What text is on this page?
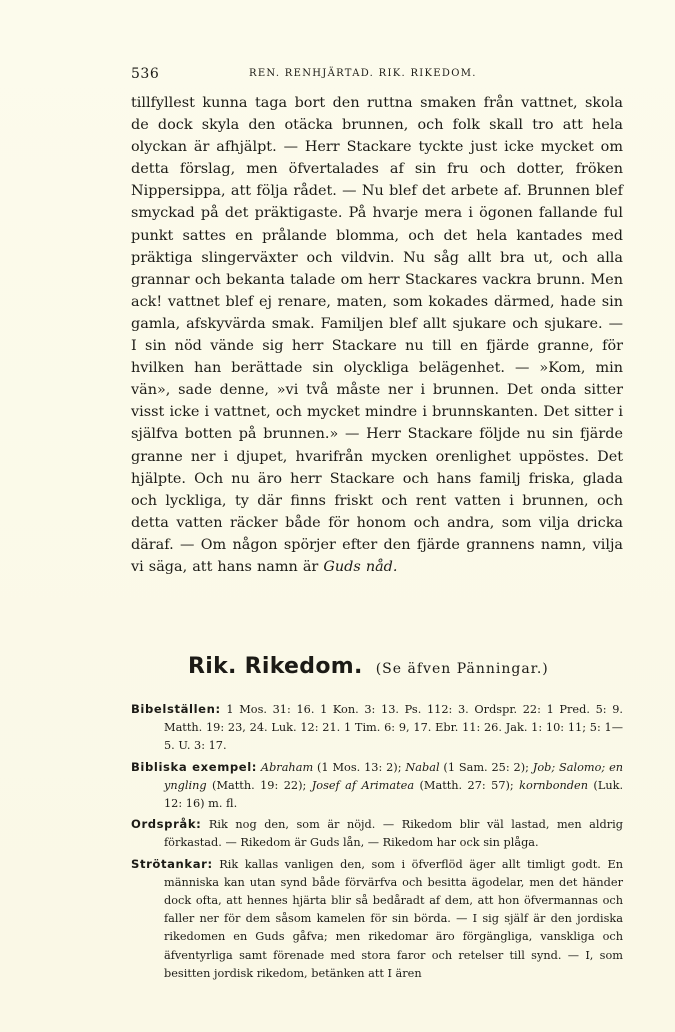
536	REN. RENHJÄRTAD. RIK. RIKEDOM.

tillfyllest kunna taga bort den ruttna smaken från vattnet, skola de dock skyla den otäcka brunnen, och folk skall tro att hela olyckan är afhjälpt. — Herr Stackare tyckte just icke mycket om detta förslag, men öfvertalades af sin fru och dotter, fröken Nippersippa, att följa rådet. — Nu blef det arbete af. Brunnen blef smyckad på det präktigaste. På hvarje mera i ögonen fallande ful punkt sattes en prålande blomma, och det hela kantades med präktiga slingerväxter och vildvin. Nu såg allt bra ut, och alla grannar och bekanta talade om herr Stackares vackra brunn. Men ack! vattnet blef ej renare, maten, som kokades därmed, hade sin gamla, afskyvärda smak. Familjen blef allt sjukare och sjukare. — I sin nöd vände sig herr Stackare nu till en fjärde granne, för hvilken han berättade sin olyckliga belägenhet. — »Kom, min vän», sade denne, »vi två måste ner i brunnen. Det onda sitter visst icke i vattnet, och mycket mindre i brunnskanten. Det sitter i själfva botten på brunnen.» — Herr Stackare följde nu sin fjärde granne ner i djupet, hvarifrån mycken orenlighet uppöstes. Det hjälpte. Och nu äro herr Stackare och hans familj friska, glada och lyckliga, ty där finns friskt och rent vatten i brunnen, och detta vatten räcker både för honom och andra, som vilja dricka däraf. — Om någon spörjer efter den fjärde grannens namn, vilja vi säga, att hans namn är Guds nåd.

Rik. Rikedom. (Se äfven Pänningar.)

Bibelställen: 1 Mos. 31: 16. 1 Kon. 3: 13. Ps. 112: 3. Ordspr. 22: 1 Pred. 5: 9. Matth. 19: 23, 24. Luk. 12: 21. 1 Tim. 6: 9, 17. Ebr. 11: 26. Jak. 1: 10: 11; 5: 1—5. U. 3: 17.

Bibliska exempel: Abraham (1 Mos. 13: 2); Nabal (1 Sam. 25: 2); Job; Salomo; en yngling (Matth. 19: 22); Josef af Arimatea (Matth. 27: 57); kornbonden (Luk. 12: 16) m. fl.

Ordspråk: Rik nog den, som är nöjd. — Rikedom blir väl lastad, men aldrig förkastad. — Rikedom är Guds lån, — Rikedom har ock sin plåga.

Strötankar: Rik kallas vanligen den, som i öfverflöd äger allt timligt godt. En människa kan utan synd både förvärfva och besitta ägodelar, men det händer dock ofta, att hennes hjärta blir så bedåradt af dem, att hon öfvermannas och faller ner för dem såsom kamelen för sin börda. — I sig själf är den jordiska rikedomen en Guds gåfva; men rikedomar äro förgängliga, vanskliga och äfventyrliga samt förenade med stora faror och retelser till synd. — I, som besitten jordisk rikedom, betänken att I ären
